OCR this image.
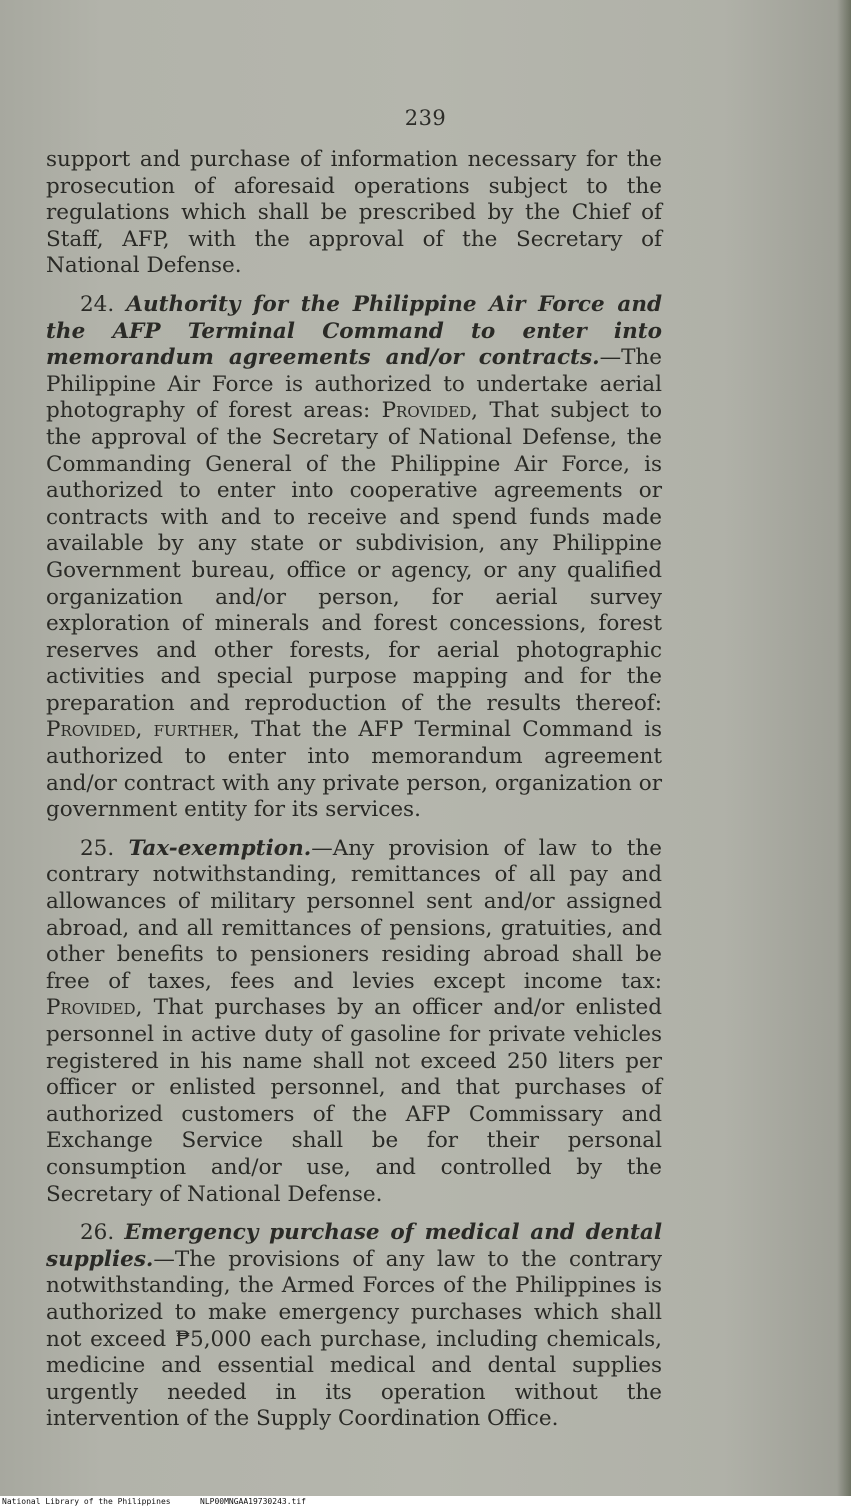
239

support and purchase of information necessary for the prosecution of aforesaid operations subject to the regulations which shall be prescribed by the Chief of Staff, AFP, with the approval of the Secretary of National Defense.

24. Authority for the Philippine Air Force and the AFP Terminal Command to enter into memorandum agreements and/or contracts.—The Philippine Air Force is authorized to undertake aerial photography of forest areas: Provided, That subject to the approval of the Secretary of National Defense, the Commanding General of the Philippine Air Force, is authorized to enter into cooperative agreements or contracts with and to receive and spend funds made available by any state or subdivision, any Philippine Government bureau, office or agency, or any qualified organization and/or person, for aerial survey exploration of minerals and forest concessions, forest reserves and other forests, for aerial photographic activities and special purpose mapping and for the preparation and reproduction of the results thereof: Provided, further, That the AFP Terminal Command is authorized to enter into memorandum agreement and/or contract with any private person, organization or government entity for its services.

25. Tax-exemption.—Any provision of law to the contrary notwithstanding, remittances of all pay and allowances of military personnel sent and/or assigned abroad, and all remittances of pensions, gratuities, and other benefits to pensioners residing abroad shall be free of taxes, fees and levies except income tax: Provided, That purchases by an officer and/or enlisted personnel in active duty of gasoline for private vehicles registered in his name shall not exceed 250 liters per officer or enlisted personnel, and that purchases of authorized customers of the AFP Commissary and Exchange Service shall be for their personal consumption and/or use, and controlled by the Secretary of National Defense.

26. Emergency purchase of medical and dental supplies.—The provisions of any law to the contrary notwithstanding, the Armed Forces of the Philippines is authorized to make emergency purchases which shall not exceed ₱5,000 each purchase, including chemicals, medicine and essential medical and dental supplies urgently needed in its operation without the intervention of the Supply Coordination Office.

National Library of the Philippines	NLP00MNGAA19730243.tif
